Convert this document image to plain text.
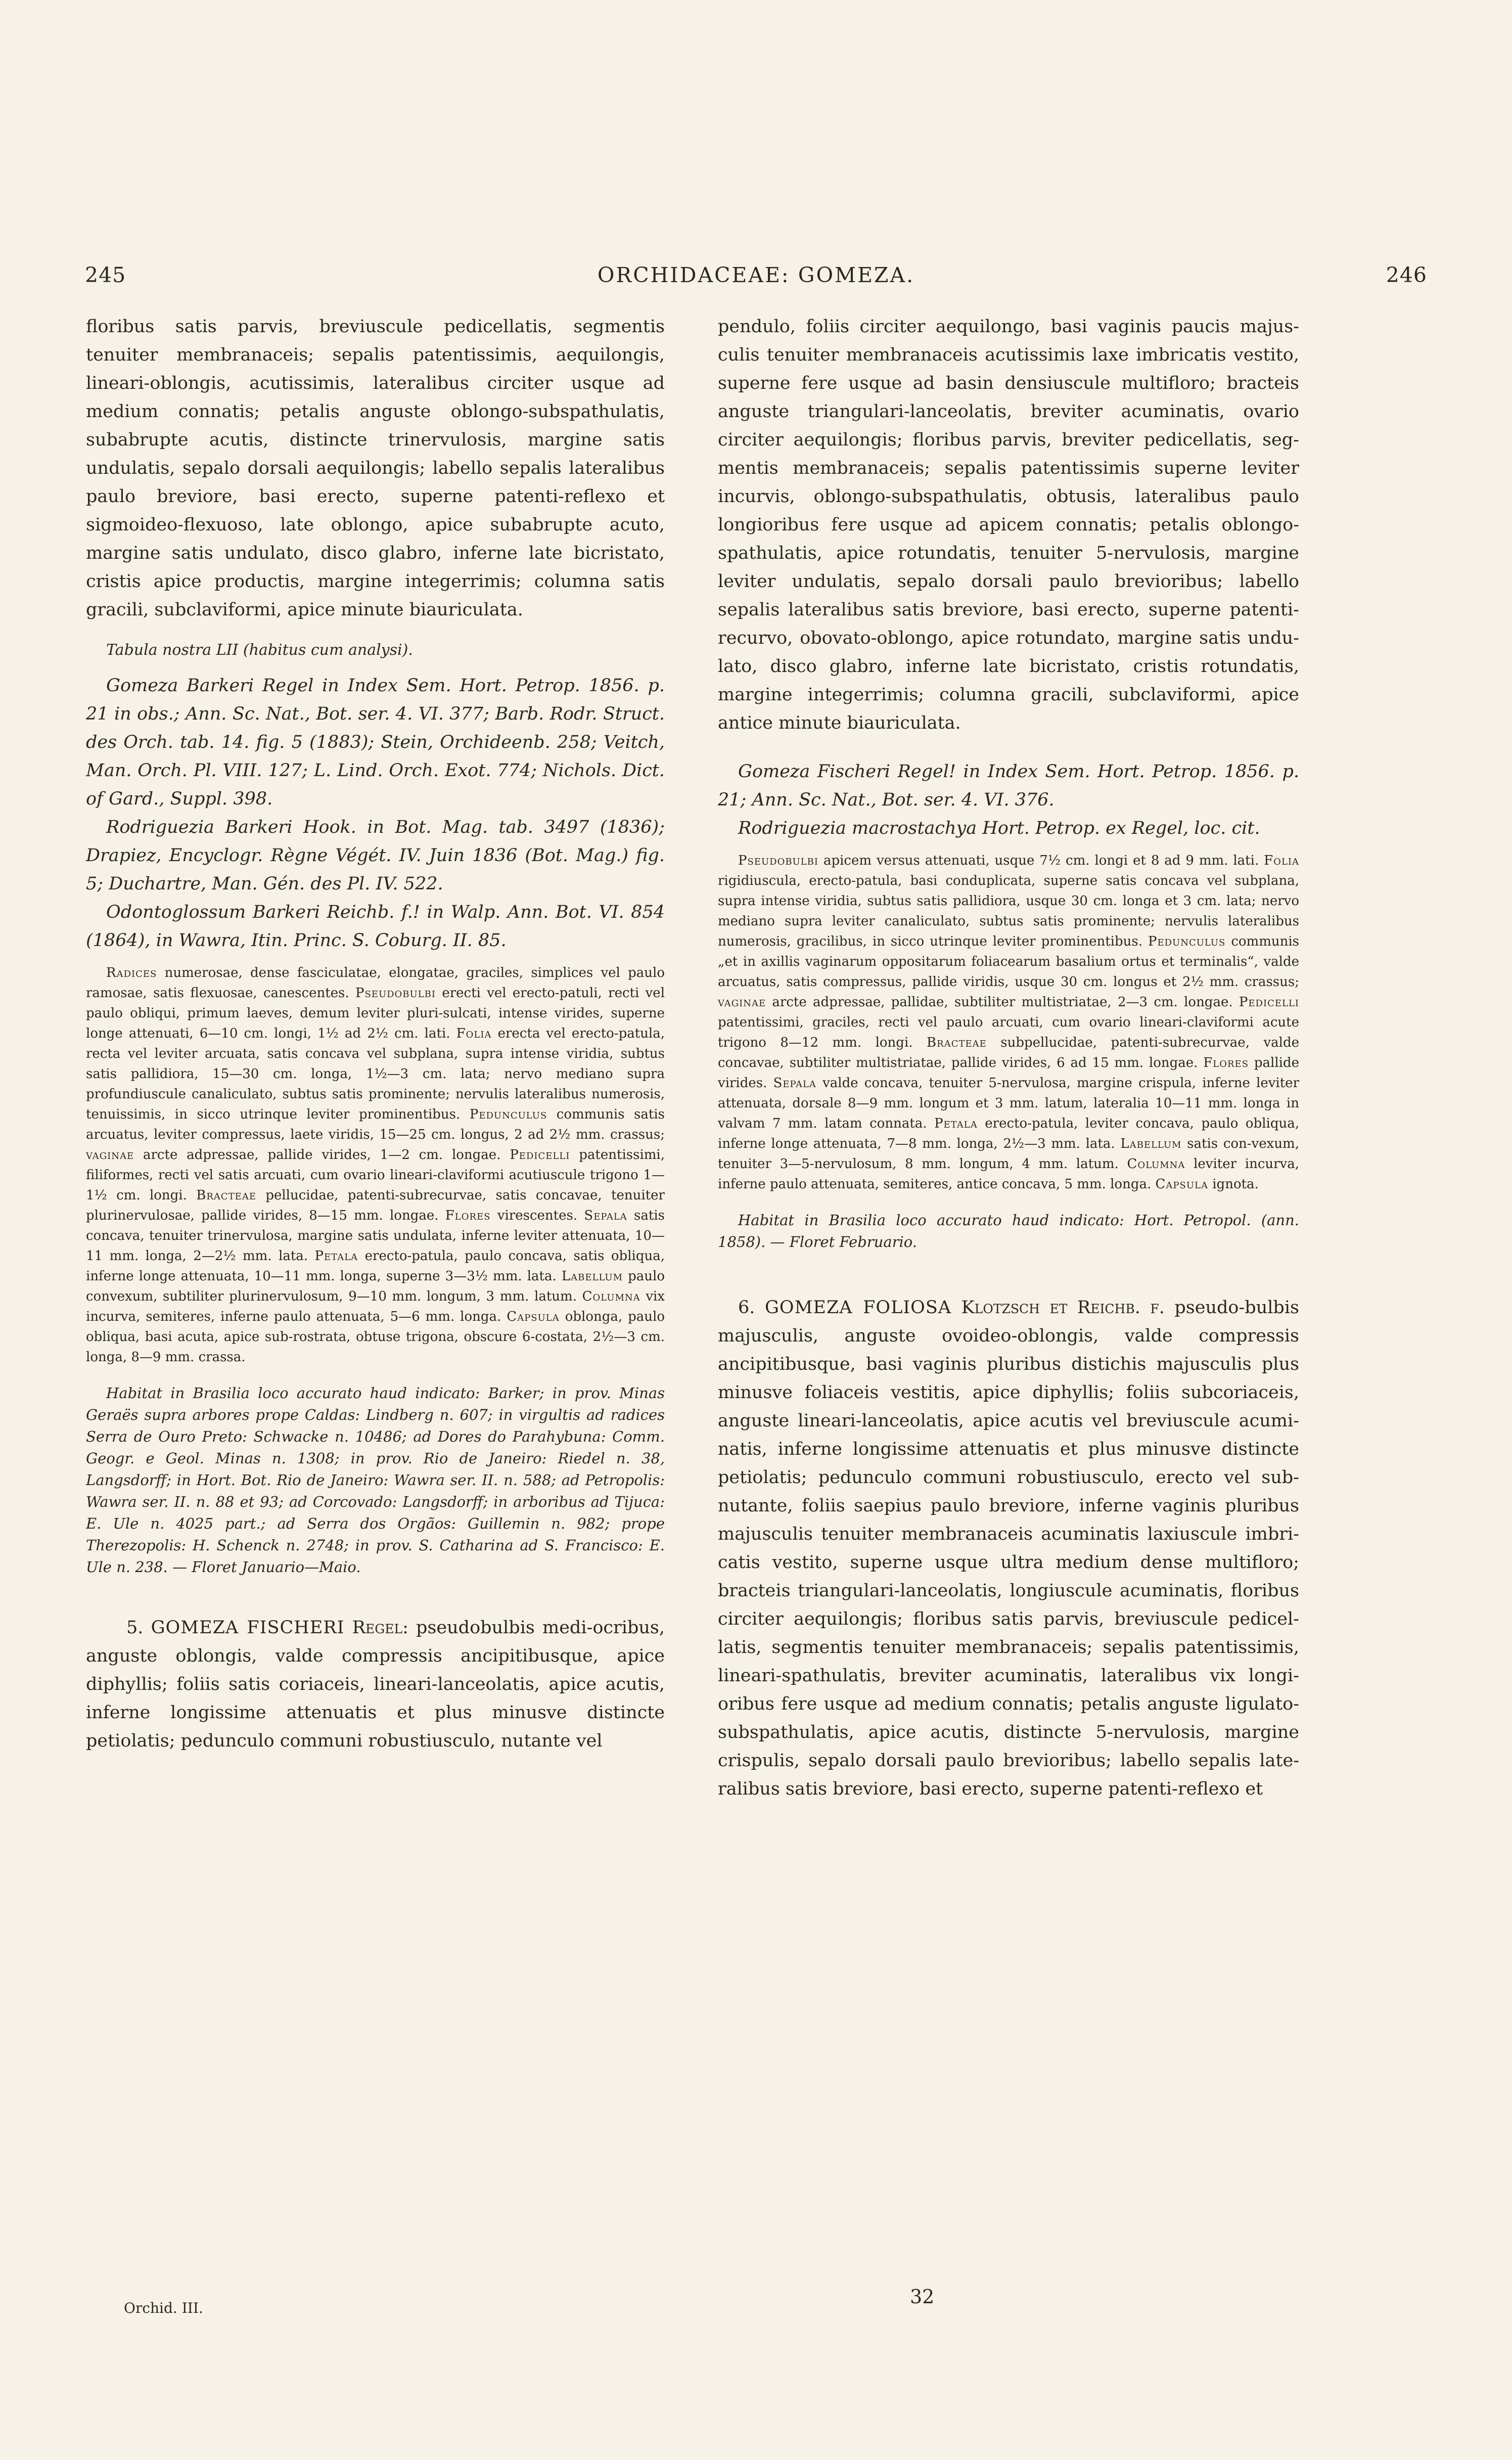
245	ORCHIDACEAE: GOMEZA.	246

floribus satis parvis, breviuscule pedicellatis, segmentis tenuiter membranaceis; sepalis patentissimis, aequilongis, lineari-oblongis, acutissimis, lateralibus circiter usque ad medium connatis; petalis anguste oblongo-subspathulatis, subabrupte acutis, distincte trinervulosis, margine satis undulatis, sepalo dorsali aequilongis; labello sepalis lateralibus paulo breviore, basi erecto, superne patenti-reflexo et sigmoideo-flexuoso, late oblongo, apice subabrupte acuto, margine satis undulato, disco glabro, inferne late bicristato, cristis apice productis, margine integerrimis; columna satis gracili, subclaviformi, apice minute biauriculata.

Tabula nostra LII (habitus cum analysi).

Gomeza Barkeri Regel in Index Sem. Hort. Petrop. 1856. p. 21 in obs.; Ann. Sc. Nat., Bot. ser. 4. VI. 377; Barb. Rodr. Struct. des Orch. tab. 14. fig. 5 (1883); Stein, Orchideenb. 258; Veitch, Man. Orch. Pl. VIII. 127; L. Lind. Orch. Exot. 774; Nichols. Dict. of Gard., Suppl. 398.

Rodriguezia Barkeri Hook. in Bot. Mag. tab. 3497 (1836); Drapiez, Encyclogr. Règne Végét. IV. Juin 1836 (Bot. Mag.) fig. 5; Duchartre, Man. Gén. des Pl. IV. 522.

Odontoglossum Barkeri Reichb. f.! in Walp. Ann. Bot. VI. 854 (1864), in Wawra, Itin. Princ. S. Coburg. II. 85.

Radices numerosae, dense fasciculatae, elongatae, graciles, simplices vel paulo ramosae, satis flexuosae, canescentes. Pseudobulbi erecti vel erecto-patuli, recti vel paulo obliqui, primum laeves, demum leviter pluri-sulcati, intense virides, superne longe attenuati, 6—10 cm. longi, 1½ ad 2½ cm. lati. Folia erecta vel erecto-patula, recta vel leviter arcuata, satis concava vel subplana, supra intense viridia, subtus satis pallidiora, 15—30 cm. longa, 1½—3 cm. lata; nervo mediano supra profundiuscule canaliculato, subtus satis prominente; nervulis lateralibus numerosis, tenuissimis, in sicco utrinque leviter prominentibus. Pedunculus communis satis arcuatus, leviter compressus, laete viridis, 15—25 cm. longus, 2 ad 2½ mm. crassus; vaginae arcte adpressae, pallide virides, 1—2 cm. longae. Pedicelli patentissimi, filiformes, recti vel satis arcuati, cum ovario lineari-claviformi acutiuscule trigono 1—1½ cm. longi. Bracteae pellucidae, patenti-subrecurvae, satis concavae, tenuiter plurinervulosae, pallide virides, 8—15 mm. longae. Flores virescentes. Sepala satis concava, tenuiter trinervulosa, margine satis undulata, inferne leviter attenuata, 10—11 mm. longa, 2—2½ mm. lata. Petala erecto-patula, paulo concava, satis obliqua, inferne longe attenuata, 10—11 mm. longa, superne 3—3½ mm. lata. Labellum paulo convexum, subtiliter plurinervulosum, 9—10 mm. longum, 3 mm. latum. Columna vix incurva, semiteres, inferne paulo attenuata, 5—6 mm. longa. Capsula oblonga, paulo obliqua, basi acuta, apice sub-rostrata, obtuse trigona, obscure 6-costata, 2½—3 cm. longa, 8—9 mm. crassa.

Habitat in Brasilia loco accurato haud indicato: Barker; in prov. Minas Geraës supra arbores prope Caldas: Lindberg n. 607; in virgultis ad radices Serra de Ouro Preto: Schwacke n. 10486; ad Dores do Parahybuna: Comm. Geogr. e Geol. Minas n. 1308; in prov. Rio de Janeiro: Riedel n. 38, Langsdorff; in Hort. Bot. Rio de Janeiro: Wawra ser. II. n. 588; ad Petropolis: Wawra ser. II. n. 88 et 93; ad Corcovado: Langsdorff; in arboribus ad Tijuca: E. Ule n. 4025 part.; ad Serra dos Orgãos: Guillemin n. 982; prope Therezopolis: H. Schenck n. 2748; in prov. S. Catharina ad S. Francisco: E. Ule n. 238. — Floret Januario—Maio.

5. GOMEZA FISCHERI Regel: pseudobulbis medi-ocribus, anguste oblongis, valde compressis ancipitibusque, apice diphyllis; foliis satis coriaceis, lineari-lanceolatis, apice acutis, inferne longissime attenuatis et plus minusve distincte petiolatis; pedunculo communi robustiusculo, nutante vel

Orchid. III.

pendulo, foliis circiter aequilongo, basi vaginis paucis majus-culis tenuiter membranaceis acutissimis laxe imbricatis vestito, superne fere usque ad basin densiuscule multifloro; bracteis anguste triangulari-lanceolatis, breviter acuminatis, ovario circiter aequilongis; floribus parvis, breviter pedicellatis, seg-mentis membranaceis; sepalis patentissimis superne leviter incurvis, oblongo-subspathulatis, obtusis, lateralibus paulo longioribus fere usque ad apicem connatis; petalis oblongo-spathulatis, apice rotundatis, tenuiter 5-nervulosis, margine leviter undulatis, sepalo dorsali paulo brevioribus; labello sepalis lateralibus satis breviore, basi erecto, superne patenti-recurvo, obovato-oblongo, apice rotundato, margine satis undu-lato, disco glabro, inferne late bicristato, cristis rotundatis, margine integerrimis; columna gracili, subclaviformi, apice antice minute biauriculata.

Gomeza Fischeri Regel! in Index Sem. Hort. Petrop. 1856. p. 21; Ann. Sc. Nat., Bot. ser. 4. VI. 376.

Rodriguezia macrostachya Hort. Petrop. ex Regel, loc. cit.

Pseudobulbi apicem versus attenuati, usque 7½ cm. longi et 8 ad 9 mm. lati. Folia rigidiuscula, erecto-patula, basi conduplicata, superne satis concava vel subplana, supra intense viridia, subtus satis pallidiora, usque 30 cm. longa et 3 cm. lata; nervo mediano supra leviter canaliculato, subtus satis prominente; nervulis lateralibus numerosis, gracilibus, in sicco utrinque leviter prominentibus. Pedunculus communis „et in axillis vaginarum oppositarum foliacearum basalium ortus et terminalis“, valde arcuatus, satis compressus, pallide viridis, usque 30 cm. longus et 2½ mm. crassus; vaginae arcte adpressae, pallidae, subtiliter multistriatae, 2—3 cm. longae. Pedicelli patentissimi, graciles, recti vel paulo arcuati, cum ovario lineari-claviformi acute trigono 8—12 mm. longi. Bracteae subpellucidae, patenti-subrecurvae, valde concavae, subtiliter multistriatae, pallide virides, 6 ad 15 mm. longae. Flores pallide virides. Sepala valde concava, tenuiter 5-nervulosa, margine crispula, inferne leviter attenuata, dorsale 8—9 mm. longum et 3 mm. latum, lateralia 10—11 mm. longa in valvam 7 mm. latam connata. Petala erecto-patula, leviter concava, paulo obliqua, inferne longe attenuata, 7—8 mm. longa, 2½—3 mm. lata. Labellum satis con-vexum, tenuiter 3—5-nervulosum, 8 mm. longum, 4 mm. latum. Columna leviter incurva, inferne paulo attenuata, semiteres, antice concava, 5 mm. longa. Capsula ignota.

Habitat in Brasilia loco accurato haud indicato: Hort. Petropol. (ann. 1858). — Floret Februario.

6. GOMEZA FOLIOSA Klotzsch et Reichb. f. pseudo-bulbis majusculis, anguste ovoideo-oblongis, valde compressis ancipitibusque, basi vaginis pluribus distichis majusculis plus minusve foliaceis vestitis, apice diphyllis; foliis subcoriaceis, anguste lineari-lanceolatis, apice acutis vel breviuscule acumi-natis, inferne longissime attenuatis et plus minusve distincte petiolatis; pedunculo communi robustiusculo, erecto vel sub-nutante, foliis saepius paulo breviore, inferne vaginis pluribus majusculis tenuiter membranaceis acuminatis laxiuscule imbri-catis vestito, superne usque ultra medium dense multifloro; bracteis triangulari-lanceolatis, longiuscule acuminatis, floribus circiter aequilongis; floribus satis parvis, breviuscule pedicel-latis, segmentis tenuiter membranaceis; sepalis patentissimis, lineari-spathulatis, breviter acuminatis, lateralibus vix longi-oribus fere usque ad medium connatis; petalis anguste ligulato-subspathulatis, apice acutis, distincte 5-nervulosis, margine crispulis, sepalo dorsali paulo brevioribus; labello sepalis late-ralibus satis breviore, basi erecto, superne patenti-reflexo et

32
